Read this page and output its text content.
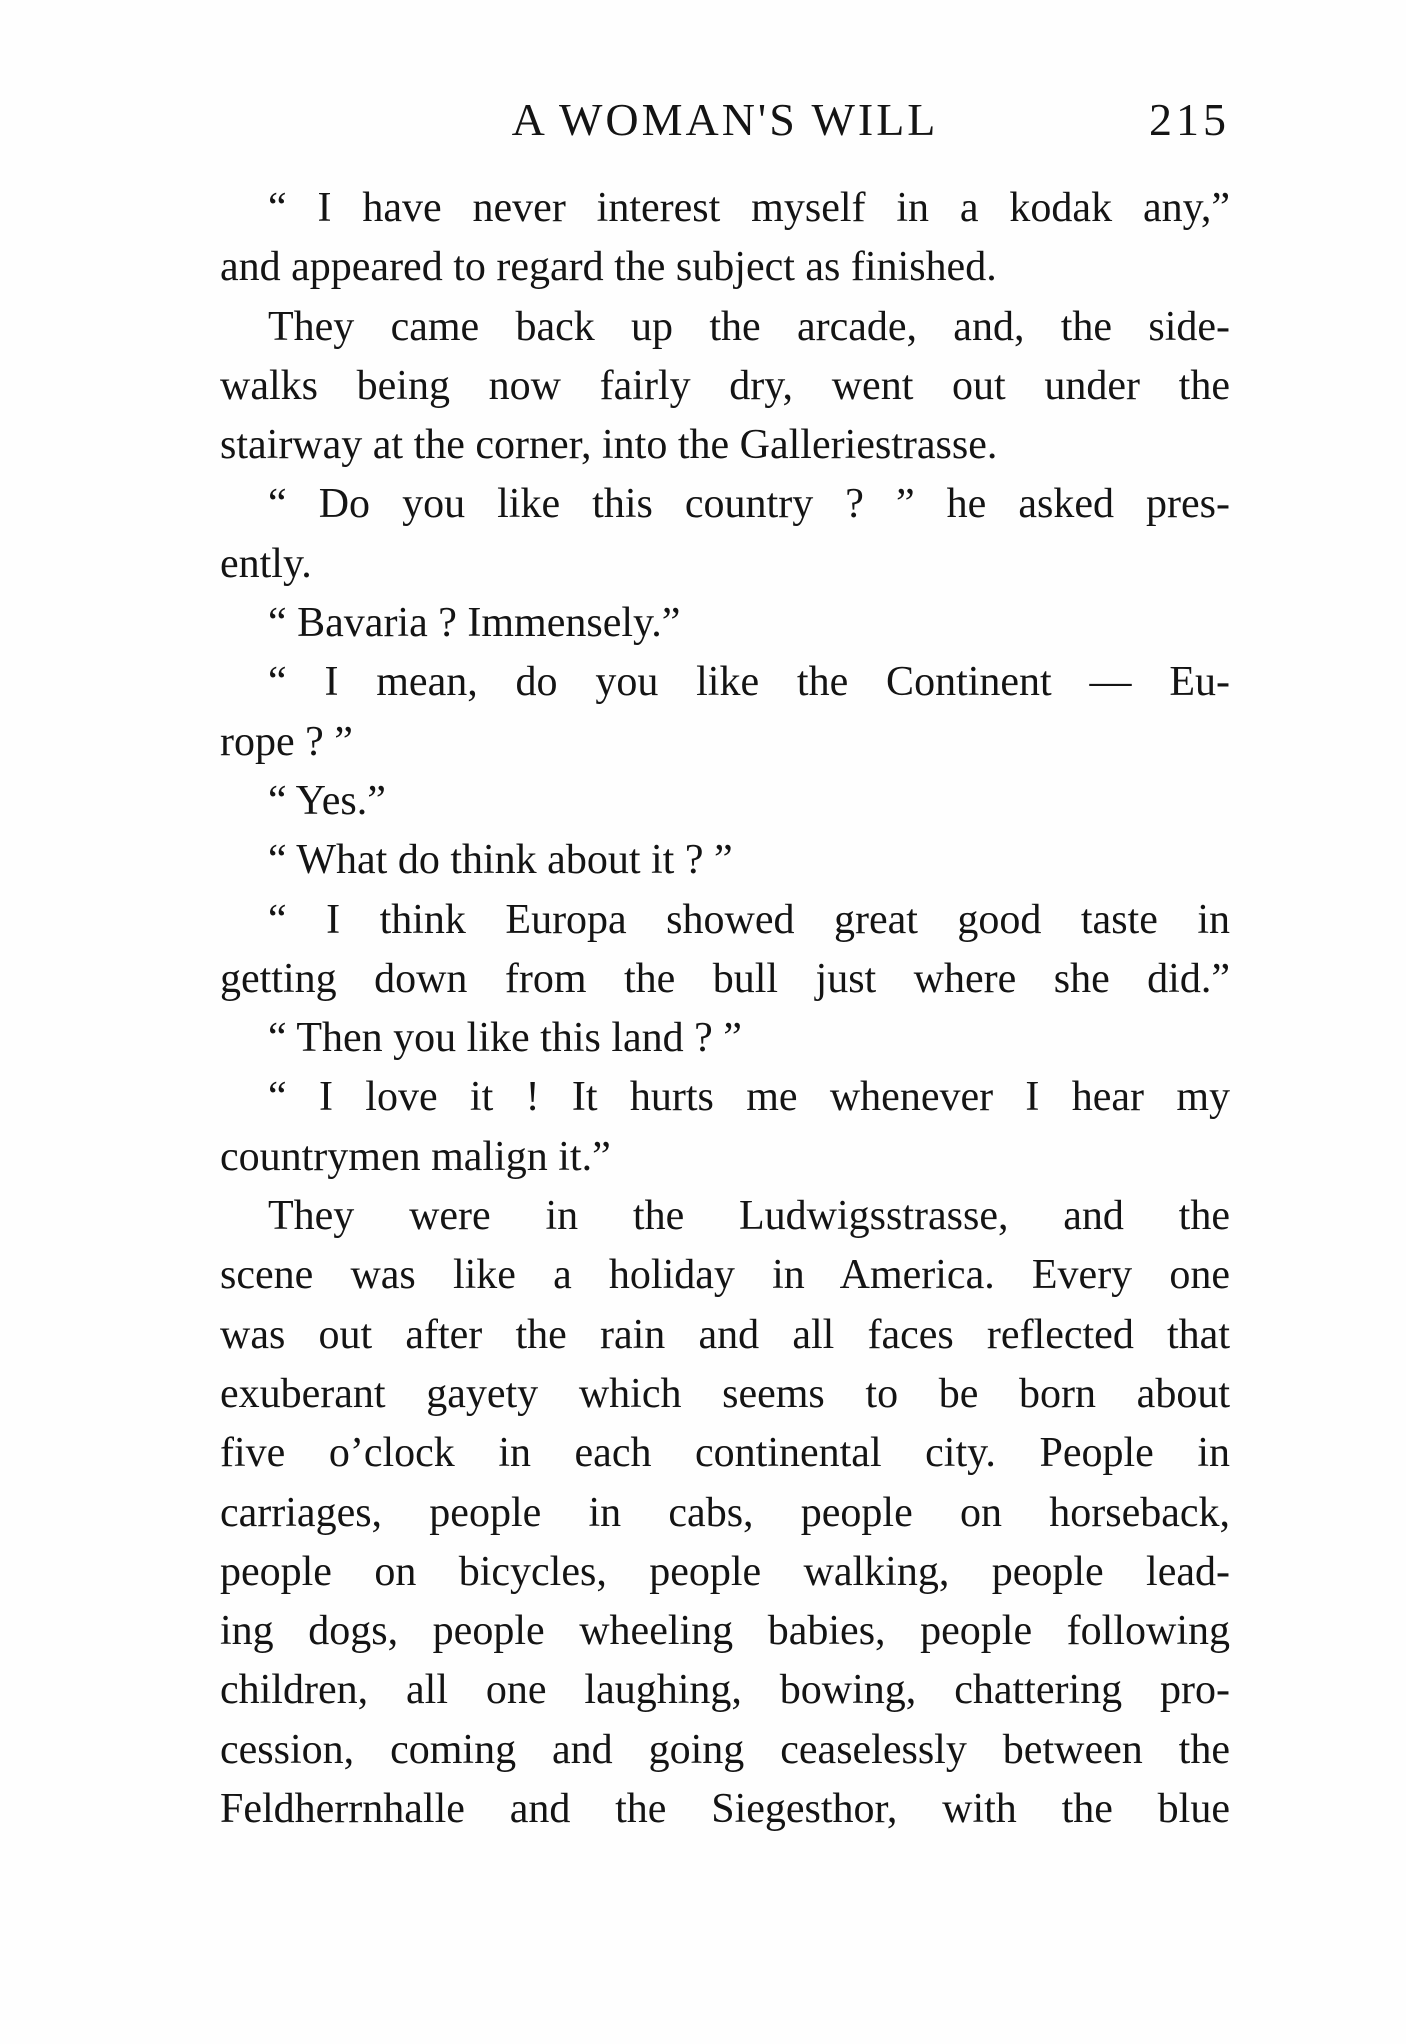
A WOMAN'S WILL	215
“ I have never interest myself in a kodak any,”
and appeared to regard the subject as finished.
They came back up the arcade, and, the side-
walks being now fairly dry, went out under the
stairway at the corner, into the Galleriestrasse.
“ Do you like this country ? ” he asked pres-
ently.
“ Bavaria ? Immensely.”
“ I mean, do you like the Continent — Eu-
rope ? ”
“ Yes.”
“ What do think about it ? ”
“ I think Europa showed great good taste in
getting down from the bull just where she did.”
“ Then you like this land ? ”
“ I love it ! It hurts me whenever I hear my
countrymen malign it.”
They were in the Ludwigsstrasse, and the
scene was like a holiday in America. Every one
was out after the rain and all faces reflected that
exuberant gayety which seems to be born about
five o’clock in each continental city. People in
carriages, people in cabs, people on horseback,
people on bicycles, people walking, people lead-
ing dogs, people wheeling babies, people following
children, all one laughing, bowing, chattering pro-
cession, coming and going ceaselessly between the
Feldherrnhalle and the Siegesthor, with the blue
